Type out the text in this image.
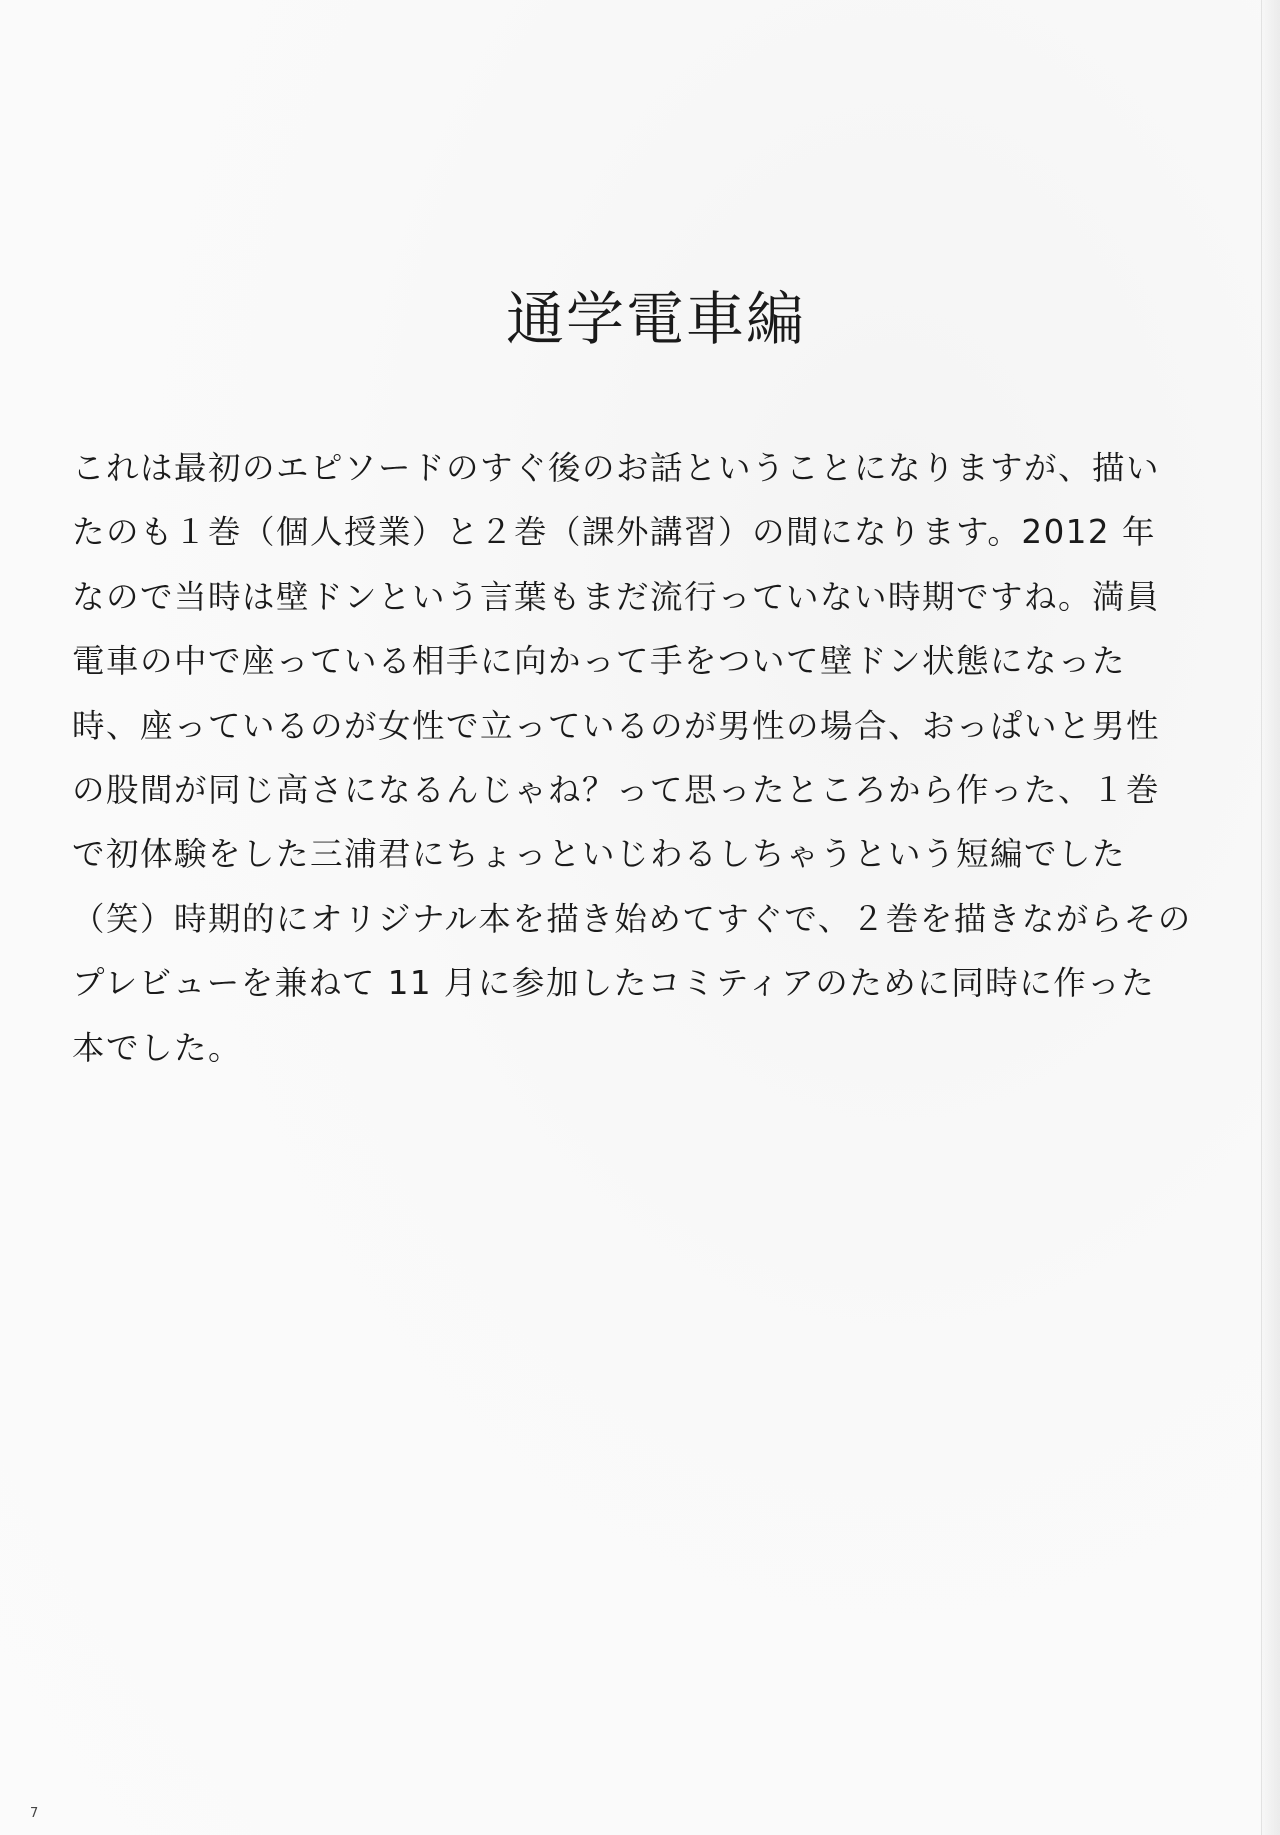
通学電車編
これは最初のエピソードのすぐ後のお話ということになりますが、描い
たのも１巻（個人授業）と２巻（課外講習）の間になります。2012 年
なので当時は壁ドンという言葉もまだ流行っていない時期ですね。満員
電車の中で座っている相手に向かって手をついて壁ドン状態になった
時、座っているのが女性で立っているのが男性の場合、おっぱいと男性
の股間が同じ高さになるんじゃね？って思ったところから作った、１巻
で初体験をした三浦君にちょっといじわるしちゃうという短編でした
（笑）時期的にオリジナル本を描き始めてすぐで、２巻を描きながらその
プレビューを兼ねて 11 月に参加したコミティアのために同時に作った
本でした。
7
